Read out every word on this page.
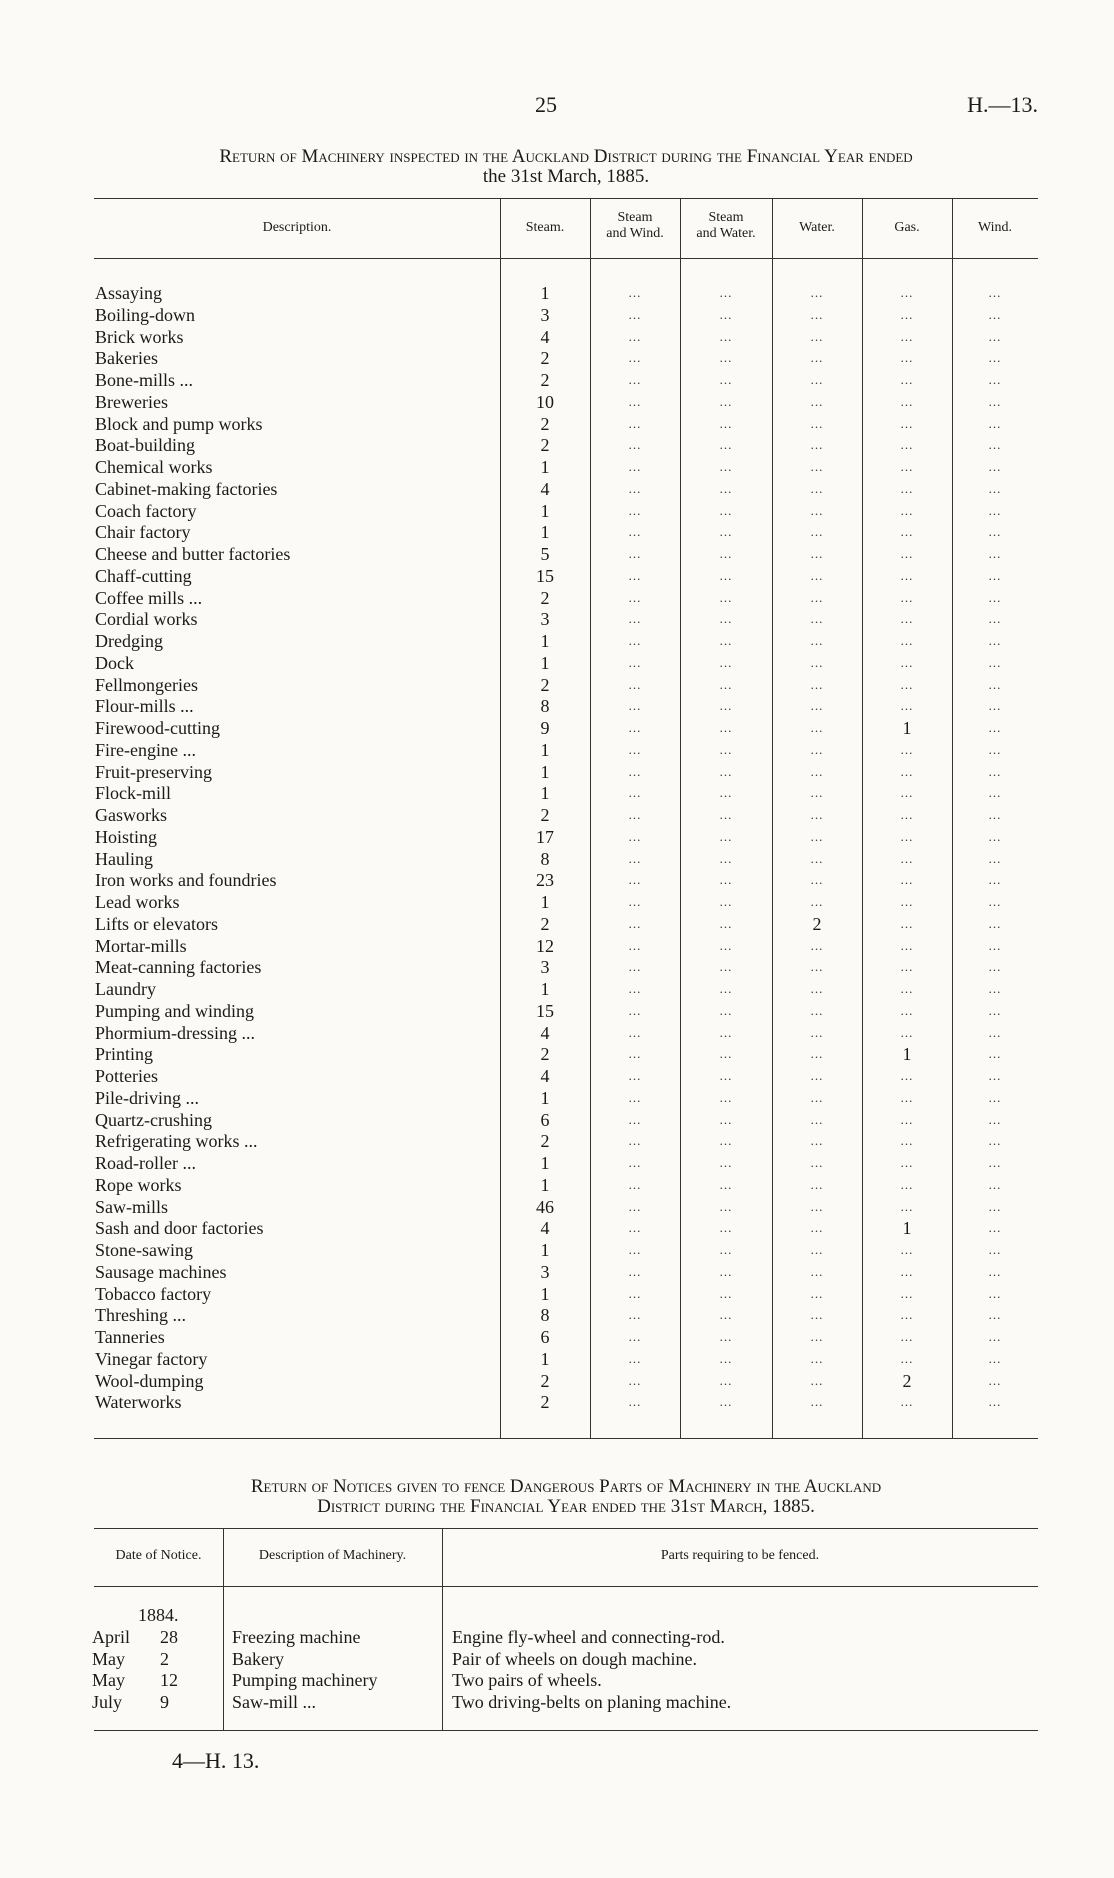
25	H.—13.
Return of Machinery inspected in the Auckland District during the Financial Year ended
the 31st March, 1885.
Description.	Steam.
Steam
and Wind.
Steam
and Water.	Water.	Gas.	Wind.
Assaying	1	...	...	...	...	...
Boiling-down	3	...	...	...	...	...
Brick works	4	...	...	...	...	...
Bakeries	2	...	...	...	...	...
Bone-mills ...	2	...	...	...	...	...
Breweries	10	...	...	...	...	...
Block and pump works	2	...	...	...	...	...
Boat-building	2	...	...	...	...	...
Chemical works	1	...	...	...	...	...
Cabinet-making factories	4	...	...	...	...	...
Coach factory	1	...	...	...	...	...
Chair factory	1	...	...	...	...	...
Cheese and butter factories	5	...	...	...	...	...
Chaff-cutting	15	...	...	...	...	...
Coffee mills ...	2	...	...	...	...	...
Cordial works	3	...	...	...	...	...
Dredging	1	...	...	...	...	...
Dock	1	...	...	...	...	...
Fellmongeries	2	...	...	...	...	...
Flour-mills ...	8	...	...	...	...	...
Firewood-cutting	9	...	...	...	1	...
Fire-engine ...	1	...	...	...	...	...
Fruit-preserving	1	...	...	...	...	...
Flock-mill	1	...	...	...	...	...
Gasworks	2	...	...	...	...	...
Hoisting	17	...	...	...	...	...
Hauling	8	...	...	...	...	...
Iron works and foundries	23	...	...	...	...	...
Lead works	1	...	...	...	...	...
Lifts or elevators	2	...	...	2	...	...
Mortar-mills	12	...	...	...	...	...
Meat-canning factories	3	...	...	...	...	...
Laundry	1	...	...	...	...	...
Pumping and winding	15	...	...	...	...	...
Phormium-dressing ...	4	...	...	...	...	...
Printing	2	...	...	...	1	...
Potteries	4	...	...	...	...	...
Pile-driving ...	1	...	...	...	...	...
Quartz-crushing	6	...	...	...	...	...
Refrigerating works ...	2	...	...	...	...	...
Road-roller ...	1	...	...	...	...	...
Rope works	1	...	...	...	...	...
Saw-mills	46	...	...	...	...	...
Sash and door factories	4	...	...	...	1	...
Stone-sawing	1	...	...	...	...	...
Sausage machines	3	...	...	...	...	...
Tobacco factory	1	...	...	...	...	...
Threshing ...	8	...	...	...	...	...
Tanneries	6	...	...	...	...	...
Vinegar factory	1	...	...	...	...	...
Wool-dumping	2	...	...	...	2	...
Waterworks	2	...	...	...	...	...
Return of Notices given to fence Dangerous Parts of Machinery in the Auckland
District during the Financial Year ended the 31st March, 1885.
Date of Notice.	Description of Machinery.	Parts requiring to be fenced.
1884.
April 28	Freezing machine	Engine fly-wheel and connecting-rod.
May 2	Bakery	Pair of wheels on dough machine.
May 12	Pumping machinery	Two pairs of wheels.
July 9	Saw-mill ...	Two driving-belts on planing machine.
4—H. 13.
